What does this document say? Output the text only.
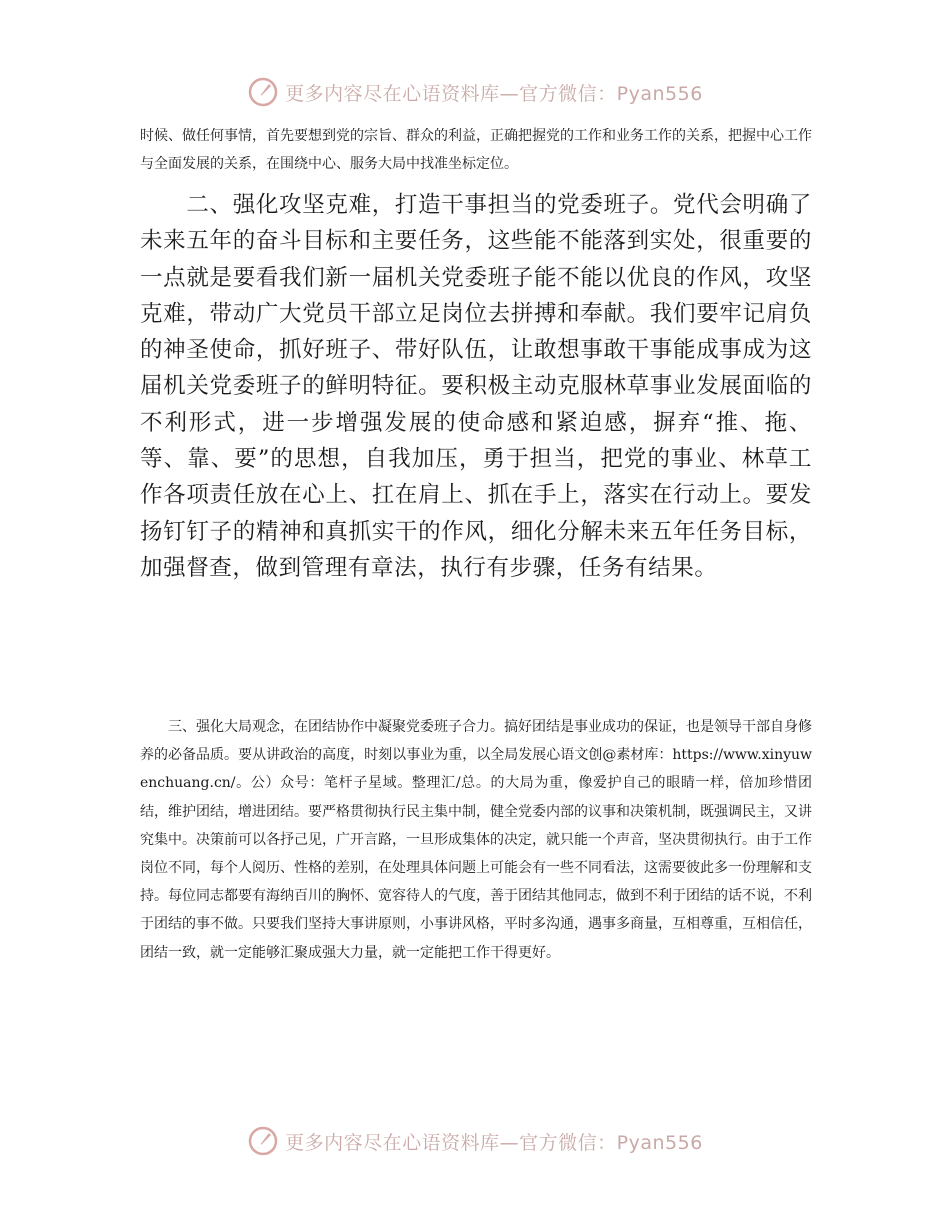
更多内容尽在心语资料库—官方微信：Pyan556

时候、做任何事情，首先要想到党的宗旨、群众的利益，正确把握党的工作和业务工作的关系，把握中心工作与全面发展的关系，在围绕中心、服务大局中找准坐标定位。

　　二、强化攻坚克难，打造干事担当的党委班子。党代会明确了未来五年的奋斗目标和主要任务，这些能不能落到实处，很重要的一点就是要看我们新一届机关党委班子能不能以优良的作风，攻坚克难，带动广大党员干部立足岗位去拼搏和奉献。我们要牢记肩负的神圣使命，抓好班子、带好队伍，让敢想事敢干事能成事成为这届机关党委班子的鲜明特征。要积极主动克服林草事业发展面临的不利形式，进一步增强发展的使命感和紧迫感，摒弃“推、拖、等、靠、要”的思想，自我加压，勇于担当，把党的事业、林草工作各项责任放在心上、扛在肩上、抓在手上，落实在行动上。要发扬钉钉子的精神和真抓实干的作风，细化分解未来五年任务目标，加强督查，做到管理有章法，执行有步骤，任务有结果。

三、强化大局观念，在团结协作中凝聚党委班子合力。搞好团结是事业成功的保证，也是领导干部自身修养的必备品质。要从讲政治的高度，时刻以事业为重，以全局发展心语文创@素材库：https://www.xinyuwenchuang.cn/。公）众号：笔杆子星域。整理汇/总。的大局为重，像爱护自己的眼睛一样，倍加珍惜团结，维护团结，增进团结。要严格贯彻执行民主集中制，健全党委内部的议事和决策机制，既强调民主，又讲究集中。决策前可以各抒己见，广开言路，一旦形成集体的决定，就只能一个声音，坚决贯彻执行。由于工作岗位不同，每个人阅历、性格的差别，在处理具体问题上可能会有一些不同看法，这需要彼此多一份理解和支持。每位同志都要有海纳百川的胸怀、宽容待人的气度，善于团结其他同志，做到不利于团结的话不说，不利于团结的事不做。只要我们坚持大事讲原则，小事讲风格，平时多沟通，遇事多商量，互相尊重，互相信任，团结一致，就一定能够汇聚成强大力量，就一定能把工作干得更好。

更多内容尽在心语资料库—官方微信：Pyan556
